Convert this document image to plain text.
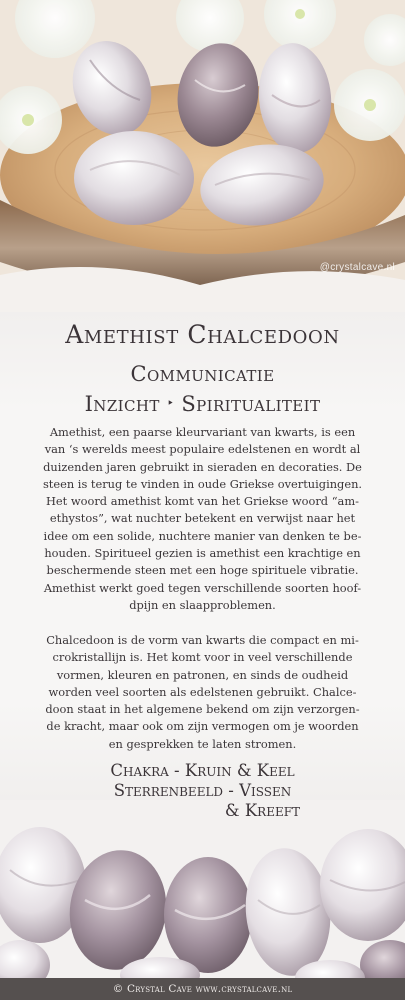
@crystalcave.nl
Amethist Chalcedoon
Communicatie
Inzicht ‣ Spiritualiteit
Amethist, een paarse kleurvariant van kwarts, is een
van ‘s werelds meest populaire edelstenen en wordt al
duizenden jaren gebruikt in sieraden en decoraties. De
steen is terug te vinden in oude Griekse overtuigingen.
Het woord amethist komt van het Griekse woord “am-
ethystos”, wat nuchter betekent en verwijst naar het
idee om een solide, nuchtere manier van denken te be-
houden. Spiritueel gezien is amethist een krachtige en
beschermende steen met een hoge spirituele vibratie.
Amethist werkt goed tegen verschillende soorten hoof-
dpijn en slaapproblemen.
Chalcedoon is de vorm van kwarts die compact en mi-
crokristallijn is. Het komt voor in veel verschillende
vormen, kleuren en patronen, en sinds de oudheid
worden veel soorten als edelstenen gebruikt. Chalce-
doon staat in het algemene bekend om zijn verzorgen-
de kracht, maar ook om zijn vermogen om je woorden
en gesprekken te laten stromen.
Chakra - Kruin & Keel
Sterrenbeeld - Vissen
& Kreeft
© Crystal Cave www.crystalcave.nl
